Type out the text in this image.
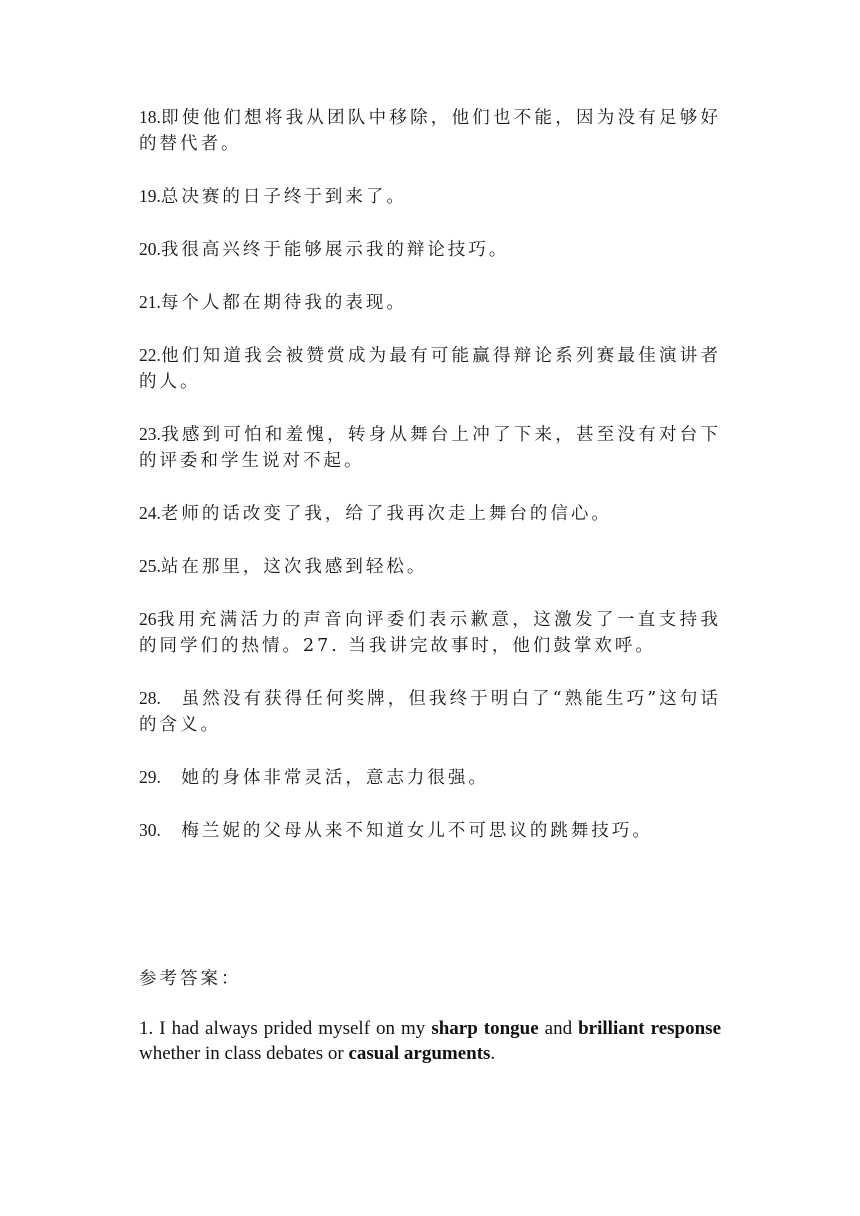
18.即使他们想将我从团队中移除，他们也不能，因为没有足够好的替代者。

19.总决赛的日子终于到来了。

20.我很高兴终于能够展示我的辩论技巧。

21.每个人都在期待我的表现。

22.他们知道我会被赞赏成为最有可能赢得辩论系列赛最佳演讲者的人。

23.我感到可怕和羞愧，转身从舞台上冲了下来，甚至没有对台下的评委和学生说对不起。

24.老师的话改变了我，给了我再次走上舞台的信心。

25.站在那里，这次我感到轻松。

26我用充满活力的声音向评委们表示歉意，这激发了一直支持我的同学们的热情。27. 当我讲完故事时，他们鼓掌欢呼。

28.　虽然没有获得任何奖牌，但我终于明白了“熟能生巧”这句话的含义。

29.　她的身体非常灵活，意志力很强。

30.　梅兰妮的父母从来不知道女儿不可思议的跳舞技巧。

参考答案：

1. I had always prided myself on my sharp tongue and brilliant response whether in class debates or casual arguments.
